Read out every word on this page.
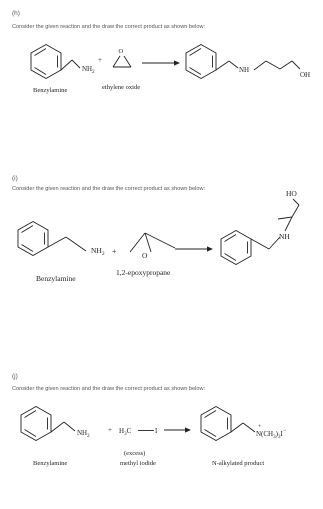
(h)
Consider the given reaction and the draw the correct product as shown below:
$NH_2$
+
O
NH
OH
Benzylamine	ethylene oxide
(i)
Consider the given reaction and the draw the correct product as shown below:
$NH_2$ +	O
NH
HO
Benzylamine
1,2-epoxypropane
(j)
Consider the given reaction and the draw the correct product as shown below:
$NH_2$
+ $H_3C$	I	+
$N(CH_3)_3I-$
Benzylamine
(excess)
methyl iodide	N-alkylated product
